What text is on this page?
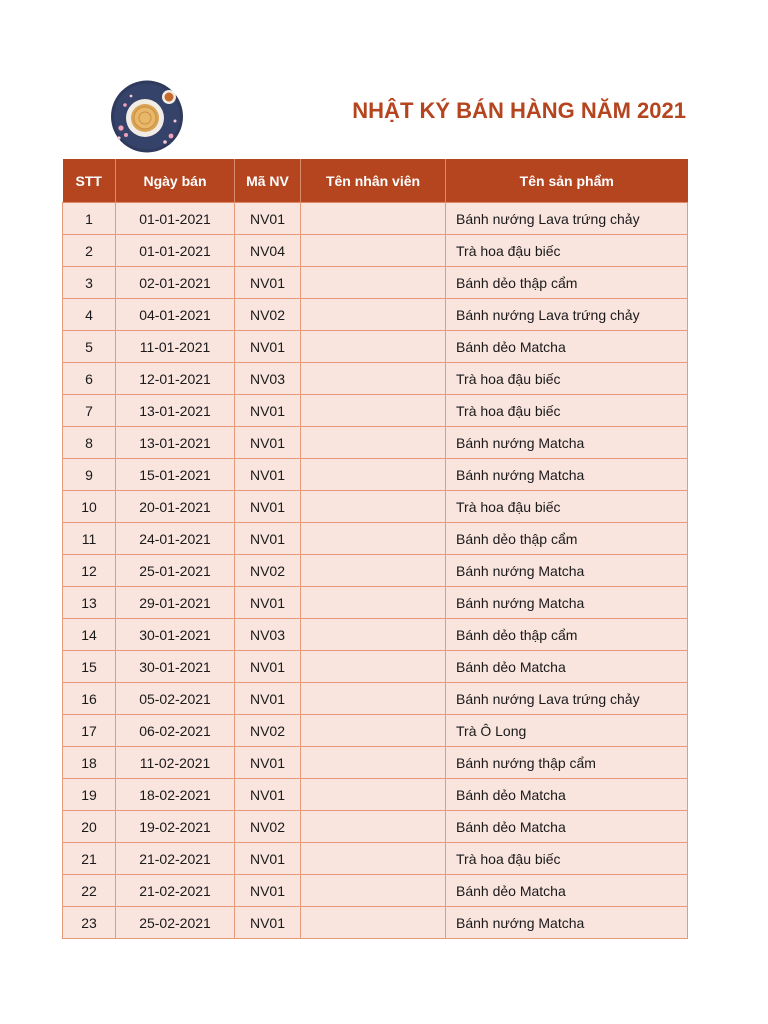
NHẬT KÝ BÁN HÀNG NĂM 2021
STT	Ngày bán	Mã NV	Tên nhân viên	Tên sản phẩm
1	01-01-2021	NV01		Bánh nướng Lava trứng chảy
2	01-01-2021	NV04		Trà hoa đậu biếc
3	02-01-2021	NV01		Bánh dẻo thập cẩm
4	04-01-2021	NV02		Bánh nướng Lava trứng chảy
5	11-01-2021	NV01		Bánh dẻo Matcha
6	12-01-2021	NV03		Trà hoa đậu biếc
7	13-01-2021	NV01		Trà hoa đậu biếc
8	13-01-2021	NV01		Bánh nướng Matcha
9	15-01-2021	NV01		Bánh nướng Matcha
10	20-01-2021	NV01		Trà hoa đậu biếc
11	24-01-2021	NV01		Bánh dẻo thập cẩm
12	25-01-2021	NV02		Bánh nướng Matcha
13	29-01-2021	NV01		Bánh nướng Matcha
14	30-01-2021	NV03		Bánh dẻo thập cẩm
15	30-01-2021	NV01		Bánh dẻo Matcha
16	05-02-2021	NV01		Bánh nướng Lava trứng chảy
17	06-02-2021	NV02		Trà Ô Long
18	11-02-2021	NV01		Bánh nướng thập cẩm
19	18-02-2021	NV01		Bánh dẻo Matcha
20	19-02-2021	NV02		Bánh dẻo Matcha
21	21-02-2021	NV01		Trà hoa đậu biếc
22	21-02-2021	NV01		Bánh dẻo Matcha
23	25-02-2021	NV01		Bánh nướng Matcha
